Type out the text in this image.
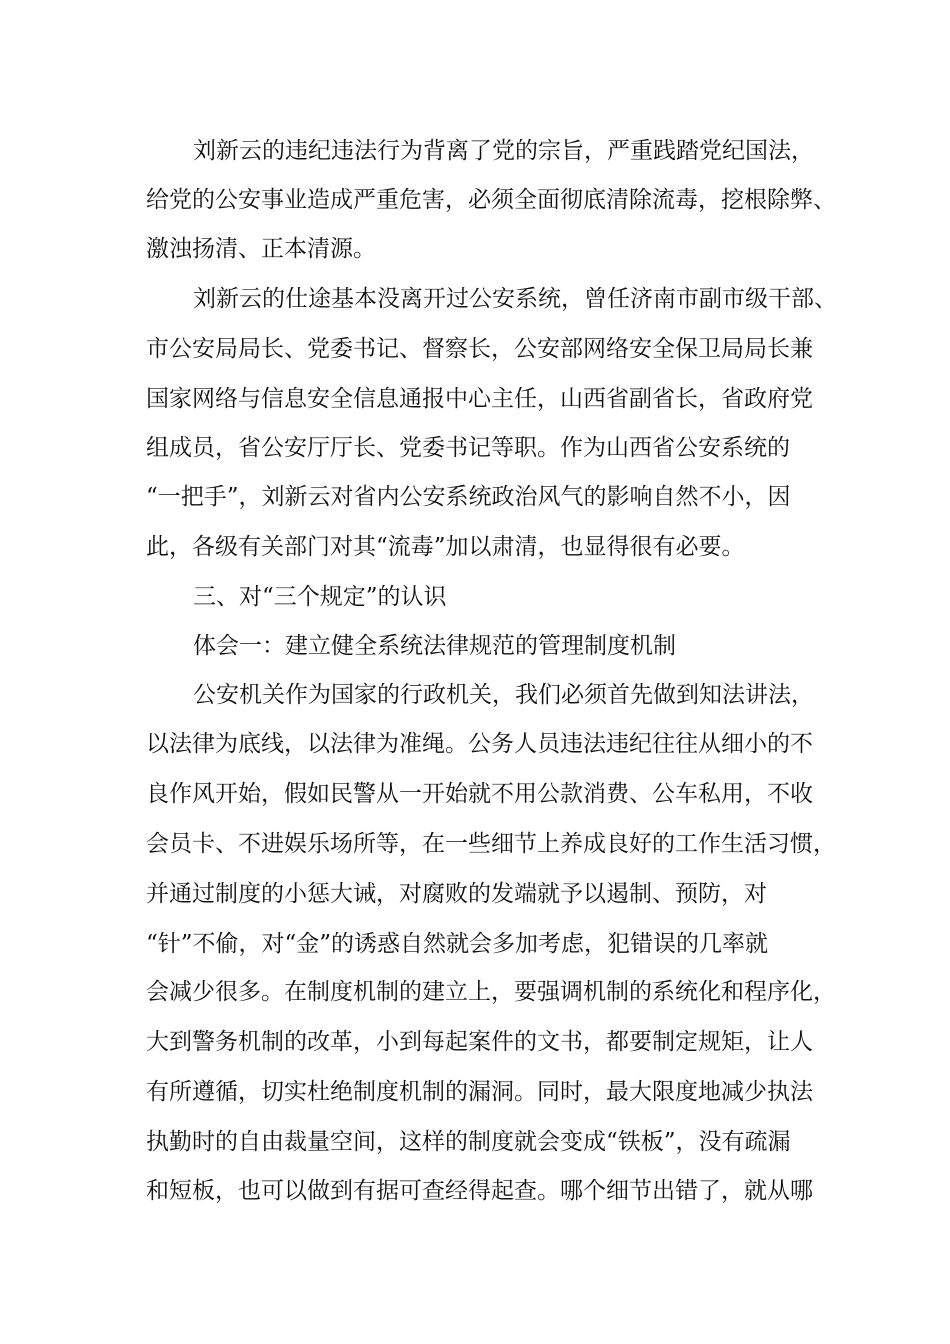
刘新云的违纪违法行为背离了党的宗旨，严重践踏党纪国法，
给党的公安事业造成严重危害，必须全面彻底清除流毒，挖根除弊、
激浊扬清、正本清源。
刘新云的仕途基本没离开过公安系统，曾任济南市副市级干部、
市公安局局长、党委书记、督察长，公安部网络安全保卫局局长兼
国家网络与信息安全信息通报中心主任，山西省副省长，省政府党
组成员，省公安厅厅长、党委书记等职。作为山西省公安系统的
“一把手”，刘新云对省内公安系统政治风气的影响自然不小，因
此，各级有关部门对其“流毒”加以肃清，也显得很有必要。
三、对“三个规定”的认识
体会一：建立健全系统法律规范的管理制度机制
公安机关作为国家的行政机关，我们必须首先做到知法讲法，
以法律为底线，以法律为准绳。公务人员违法违纪往往从细小的不
良作风开始，假如民警从一开始就不用公款消费、公车私用，不收
会员卡、不进娱乐场所等，在一些细节上养成良好的工作生活习惯，
并通过制度的小惩大诫，对腐败的发端就予以遏制、预防，对
“针”不偷，对“金”的诱惑自然就会多加考虑，犯错误的几率就
会减少很多。在制度机制的建立上，要强调机制的系统化和程序化，
大到警务机制的改革，小到每起案件的文书，都要制定规矩，让人
有所遵循，切实杜绝制度机制的漏洞。同时，最大限度地减少执法
执勤时的自由裁量空间，这样的制度就会变成“铁板”，没有疏漏
和短板，也可以做到有据可查经得起查。哪个细节出错了，就从哪
